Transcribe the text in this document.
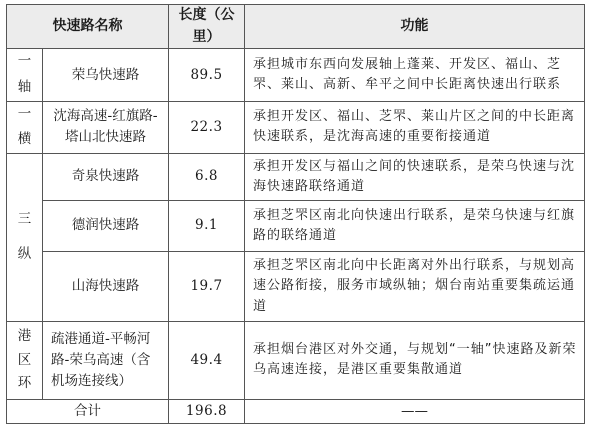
快速路名称		长度（公里）	功能

一轴	荣乌快速路	89.5	承担城市东西向发展轴上蓬莱、开发区、福山、芝罘、莱山、高新、牟平之间中长距离快速出行联系

一横	沈海高速-红旗路-塔山北快速路	22.3	承担开发区、福山、芝罘、莱山片区之间的中长距离快速联系，是沈海高速的重要衔接通道

三纵	奇泉快速路	6.8	承担开发区与福山之间的快速联系，是荣乌快速与沈海快速路联络通道
	德润快速路	9.1	承担芝罘区南北向快速出行联系，是荣乌快速与红旗路的联络通道
	山海快速路	19.7	承担芝罘区南北向中长距离对外出行联系，与规划高速公路衔接，服务市域纵轴；烟台南站重要集疏运通道

港区环	疏港通道-平畅河路-荣乌高速（含机场连接线）	49.4	承担烟台港区对外交通，与规划“一轴”快速路及新荣乌高速连接，是港区重要集散通道
合计		196.8	——
